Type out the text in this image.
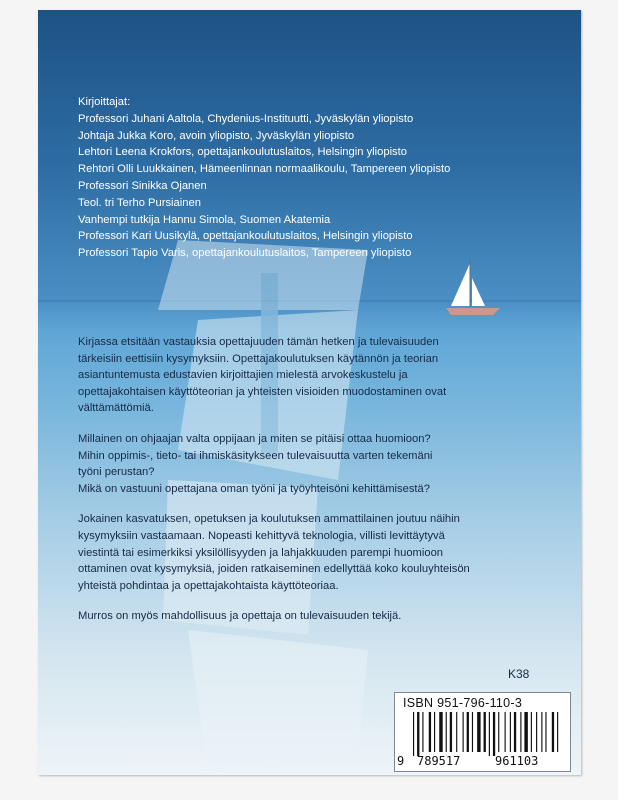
Kirjoittajat:
Professori Juhani Aaltola, Chydenius-Instituutti, Jyväskylän yliopisto
Johtaja Jukka Koro, avoin yliopisto, Jyväskylän yliopisto
Lehtori Leena Krokfors, opettajankoulutuslaitos, Helsingin yliopisto
Rehtori Olli Luukkainen, Hämeenlinnan normaalikoulu, Tampereen yliopisto
Professori Sinikka Ojanen
Teol. tri Terho Pursiainen
Vanhempi tutkija Hannu Simola, Suomen Akatemia
Professori Kari Uusikylä, opettajankoulutuslaitos, Helsingin yliopisto
Professori Tapio Varis, opettajankoulutuslaitos, Tampereen yliopisto

Kirjassa etsitään vastauksia opettajuuden tämän hetken ja tulevaisuuden
tärkeisiin eettisiin kysymyksiin. Opettajakoulutuksen käytännön ja teorian
asiantuntemusta edustavien kirjoittajien mielestä arvokeskustelu ja
opettajakohtaisen käyttöteorian ja yhteisten visioiden muodostaminen ovat
välttämättömiä.

Millainen on ohjaajan valta oppijaan ja miten se pitäisi ottaa huomioon?
Mihin oppimis-, tieto- tai ihmiskäsitykseen tulevaisuutta varten tekemäni
työni perustan?
Mikä on vastuuni opettajana oman työni ja työyhteisöni kehittämisestä?

Jokainen kasvatuksen, opetuksen ja koulutuksen ammattilainen joutuu näihin
kysymyksiin vastaamaan. Nopeasti kehittyvä teknologia, villisti levittäytyvä
viestintä tai esimerkiksi yksilöllisyyden ja lahjakkuuden parempi huomioon
ottaminen ovat kysymyksiä, joiden ratkaiseminen edellyttää koko kouluyhteisön
yhteistä pohdintaa ja opettajakohtaista käyttöteoriaa.

Murros on myös mahdollisuus ja opettaja on tulevaisuuden tekijä.

K38
ISBN 951-796-110-3
9 789517	961103
